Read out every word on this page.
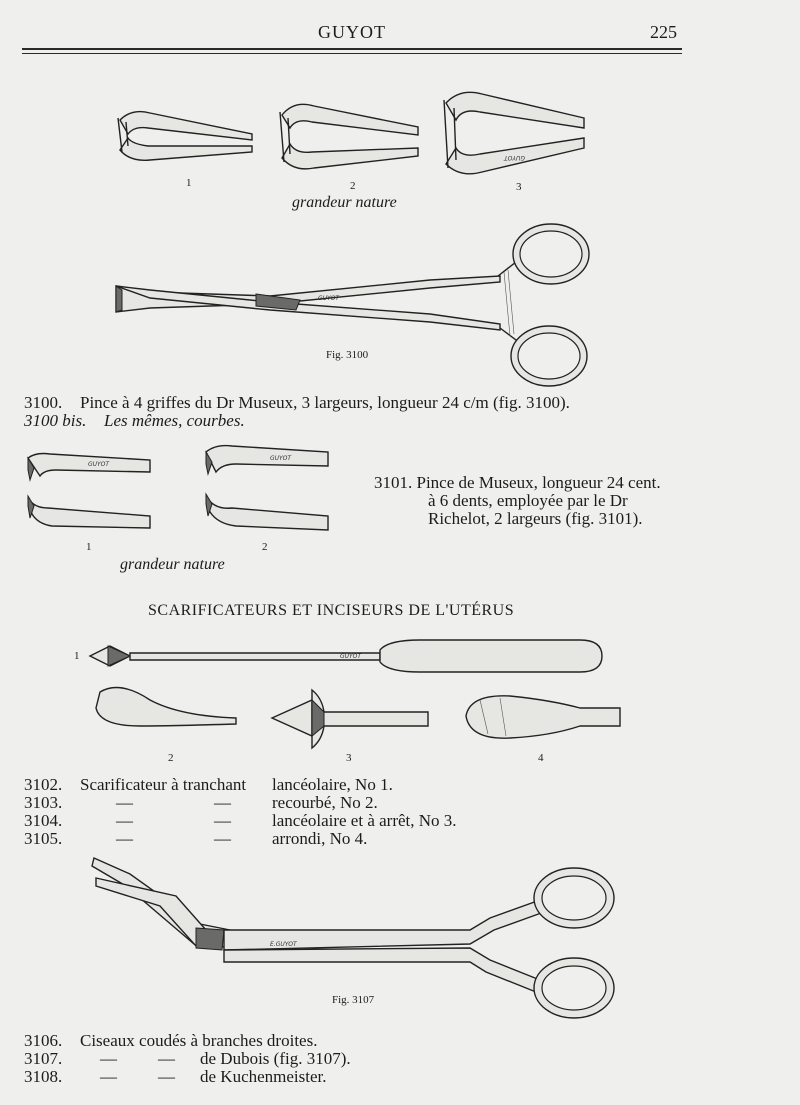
GUYOT	225
GUYOT
GUYOT
GUYOT
GUYOT
GUYOT
E.GUYOT
1	2	3
grandeur nature
Fig. 3100
3100. Pince à 4 griffes du Dr Museux, 3 largeurs, longueur 24 c/m (fig. 3100).
3100 bis. Les mêmes, courbes.
1	2
grandeur nature
3101. Pince de Museux, longueur 24 cent.
à 6 dents, employée par le Dr
Richelot, 2 largeurs (fig. 3101).
SCARIFICATEURS ET INCISEURS DE L'UTÉRUS
1
2	3	4
3102. Scarificateur à tranchant lancéolaire, No 1.
3103.	—	— recourbé, No 2.
3104.	—	— lancéolaire et à arrêt, No 3.
3105.	—	— arrondi, No 4.
Fig. 3107
3106. Ciseaux coudés à branches droites.
3107. — — de Dubois (fig. 3107).
3108. — — de Kuchenmeister.
